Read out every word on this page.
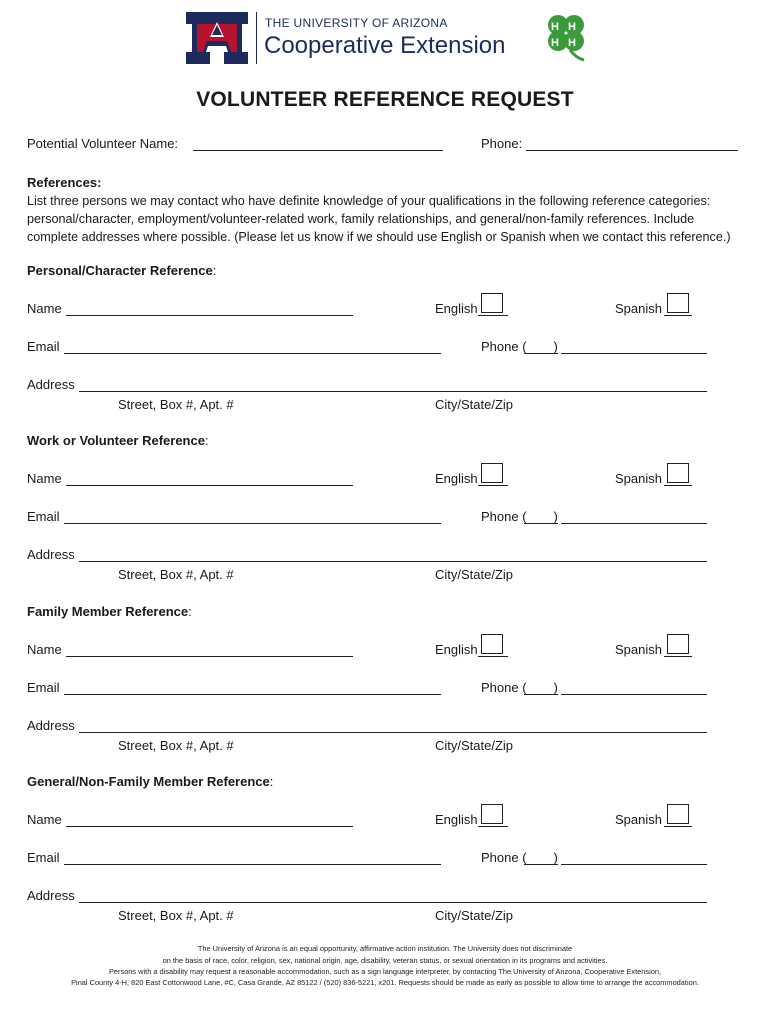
THE UNIVERSITY OF ARIZONA
Cooperative Extension
H H
H H
VOLUNTEER REFERENCE REQUEST
Potential Volunteer Name:	Phone:
References:
List three persons we may contact who have definite knowledge of your qualifications in the following reference categories: personal/character, employment/volunteer-related work, family relationships, and general/non-family references. Include complete addresses where possible. (Please let us know if we should use English or Spanish when we contact this reference.)
Personal/Character Reference:
Name	English	Spanish
Email	Phone ( )
Address
Street, Box #, Apt. #	City/State/Zip
Work or Volunteer Reference:
Name	English	Spanish
Email	Phone ( )
Address
Street, Box #, Apt. #	City/State/Zip
Family Member Reference:
Name	English	Spanish
Email	Phone ( )
Address
Street, Box #, Apt. #	City/State/Zip
General/Non-Family Member Reference:
Name	English	Spanish
Email	Phone ( )
Address
Street, Box #, Apt. #	City/State/Zip
The University of Arizona is an equal opportunity, affirmative action institution. The University does not discriminate
on the basis of race, color, religion, sex, national origin, age, disability, veteran status, or sexual orientation in its programs and activities.
Persons with a disability may request a reasonable accommodation, such as a sign language interpreter, by contacting The University of Arizona, Cooperative Extension,
Pinal County 4-H, 820 East Cottonwood Lane, #C, Casa Grande, AZ 85122 / (520) 836-5221, x201. Requests should be made as early as possible to allow time to arrange the accommodation.
